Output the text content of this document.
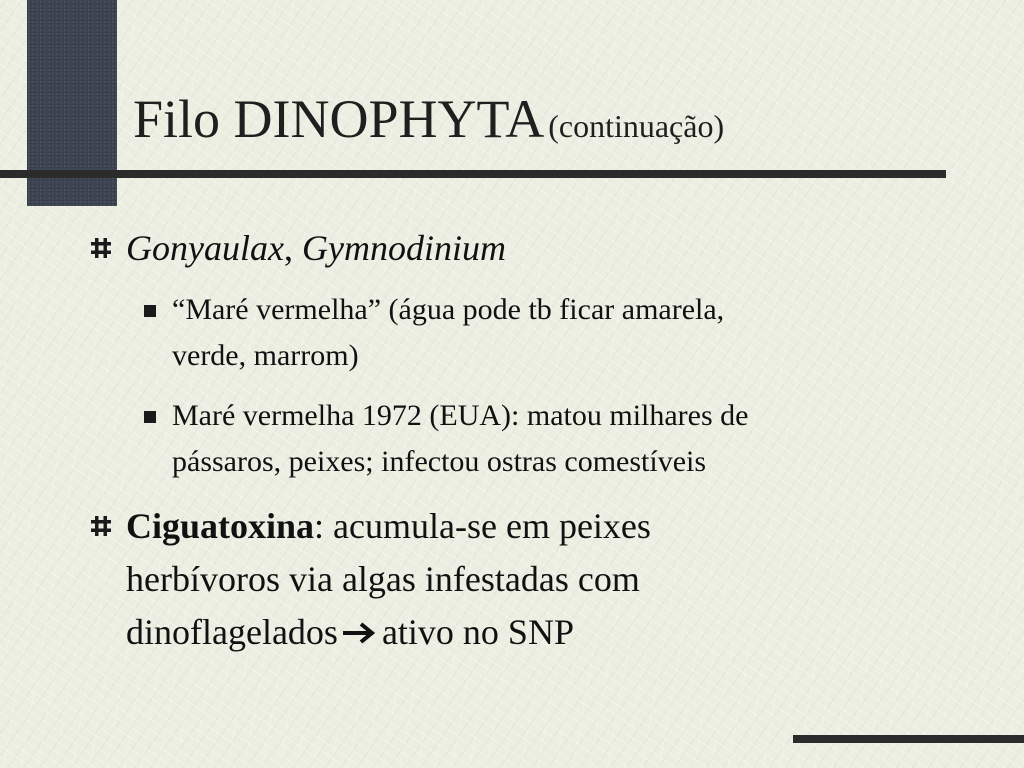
Filo DINOPHYTA (continuação)
Gonyaulax, Gymnodinium
“Maré vermelha” (água pode tb ficar amarela,
verde, marrom)
Maré vermelha 1972 (EUA): matou milhares de
pássaros, peixes; infectou ostras comestíveis
Ciguatoxina: acumula-se em peixes
herbívoros via algas infestadas com
dinoflagelados ativo no SNP
